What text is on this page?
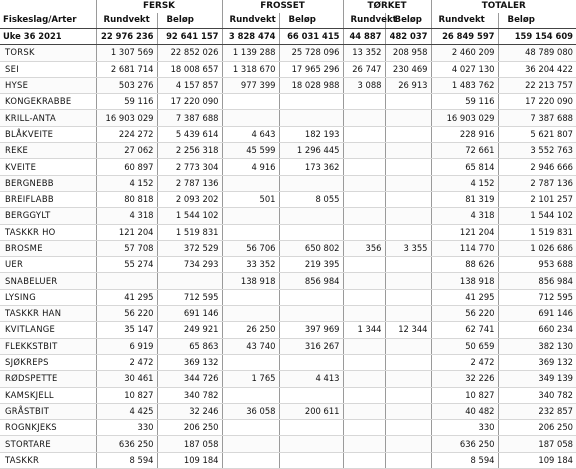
	FERSK		FROSSET		TØRKET		TOTALER	
Fiskeslag/Arter	Rundvekt	Beløp	Rundvekt	Beløp	Rundvekt	Beløp	Rundvekt	Beløp
Uke 36 2021	22 976 236	92 641 157	3 828 474	66 031 415	44 887	482 037	26 849 597	159 154 609
TORSK	1 307 569	22 852 026	1 139 288	25 728 096	13 352	208 958	2 460 209	48 789 080
SEI	2 681 714	18 008 657	1 318 670	17 965 296	26 747	230 469	4 027 130	36 204 422
HYSE	503 276	4 157 857	977 399	18 028 988	3 088	26 913	1 483 762	22 213 757
KONGEKRABBE	59 116	17 220 090					59 116	17 220 090
KRILL-ANTA	16 903 029	7 387 688					16 903 029	7 387 688
BLÅKVEITE	224 272	5 439 614	4 643	182 193			228 916	5 621 807
REKE	27 062	2 256 318	45 599	1 296 445			72 661	3 552 763
KVEITE	60 897	2 773 304	4 916	173 362			65 814	2 946 666
BERGNEBB	4 152	2 787 136					4 152	2 787 136
BREIFLABB	80 818	2 093 202	501	8 055			81 319	2 101 257
BERGGYLT	4 318	1 544 102					4 318	1 544 102
TASKKR HO	121 204	1 519 831					121 204	1 519 831
BROSME	57 708	372 529	56 706	650 802	356	3 355	114 770	1 026 686
UER	55 274	734 293	33 352	219 395			88 626	953 688
SNABELUER			138 918	856 984			138 918	856 984
LYSING	41 295	712 595					41 295	712 595
TASKKR HAN	56 220	691 146					56 220	691 146
KVITLANGE	35 147	249 921	26 250	397 969	1 344	12 344	62 741	660 234
FLEKKSTBIT	6 919	65 863	43 740	316 267			50 659	382 130
SJØKREPS	2 472	369 132					2 472	369 132
RØDSPETTE	30 461	344 726	1 765	4 413			32 226	349 139
KAMSKJELL	10 827	340 782					10 827	340 782
GRÅSTBIT	4 425	32 246	36 058	200 611			40 482	232 857
ROGNKJEKS	330	206 250					330	206 250
STORTARE	636 250	187 058					636 250	187 058
TASKKR	8 594	109 184					8 594	109 184
